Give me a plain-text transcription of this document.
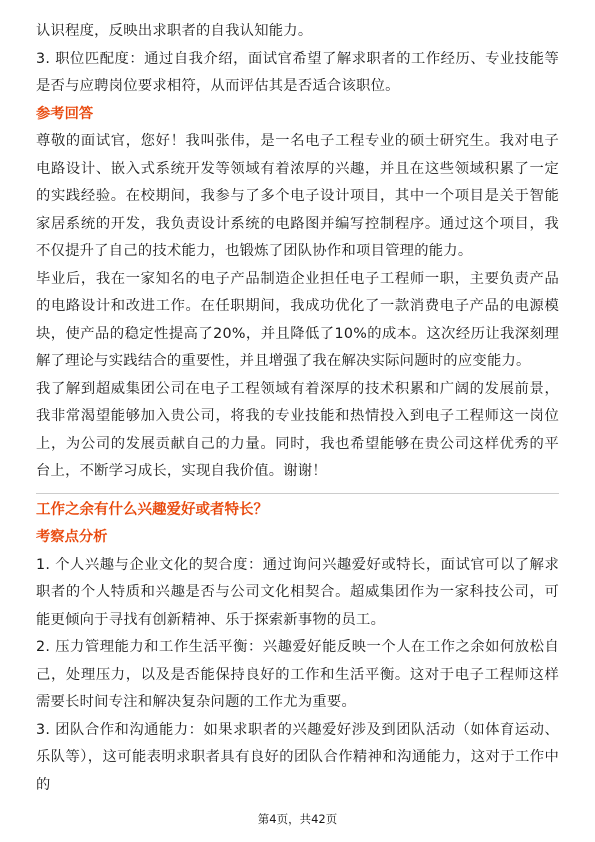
认识程度，反映出求职者的自我认知能力。

3. 职位匹配度：通过自我介绍，面试官希望了解求职者的工作经历、专业技能等是否与应聘岗位要求相符，从而评估其是否适合该职位。

参考回答

尊敬的面试官，您好！我叫张伟，是一名电子工程专业的硕士研究生。我对电子电路设计、嵌入式系统开发等领域有着浓厚的兴趣，并且在这些领域积累了一定的实践经验。在校期间，我参与了多个电子设计项目，其中一个项目是关于智能家居系统的开发，我负责设计系统的电路图并编写控制程序。通过这个项目，我不仅提升了自己的技术能力，也锻炼了团队协作和项目管理的能力。

毕业后，我在一家知名的电子产品制造企业担任电子工程师一职，主要负责产品的电路设计和改进工作。在任职期间，我成功优化了一款消费电子产品的电源模块，使产品的稳定性提高了20%，并且降低了10%的成本。这次经历让我深刻理解了理论与实践结合的重要性，并且增强了我在解决实际问题时的应变能力。

我了解到超威集团公司在电子工程领域有着深厚的技术积累和广阔的发展前景，我非常渴望能够加入贵公司，将我的专业技能和热情投入到电子工程师这一岗位上，为公司的发展贡献自己的力量。同时，我也希望能够在贵公司这样优秀的平台上，不断学习成长，实现自我价值。谢谢！

工作之余有什么兴趣爱好或者特长？
考察点分析

1. 个人兴趣与企业文化的契合度：通过询问兴趣爱好或特长，面试官可以了解求职者的个人特质和兴趣是否与公司文化相契合。超威集团作为一家科技公司，可能更倾向于寻找有创新精神、乐于探索新事物的员工。

2. 压力管理能力和工作生活平衡：兴趣爱好能反映一个人在工作之余如何放松自己，处理压力，以及是否能保持良好的工作和生活平衡。这对于电子工程师这样需要长时间专注和解决复杂问题的工作尤为重要。

3. 团队合作和沟通能力：如果求职者的兴趣爱好涉及到团队活动（如体育运动、乐队等），这可能表明求职者具有良好的团队合作精神和沟通能力，这对于工作中的

第4页，共42页
